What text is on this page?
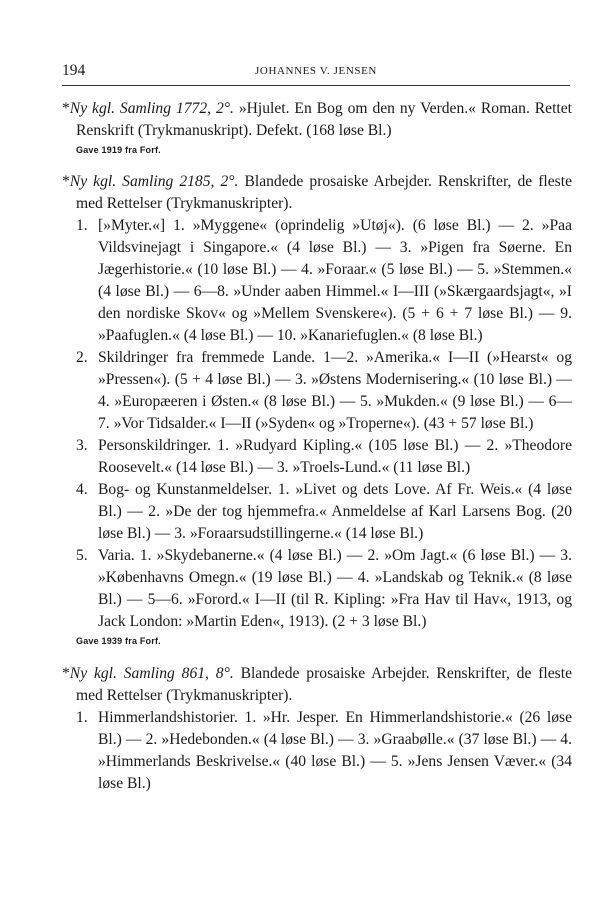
194	JOHANNES V. JENSEN
*Ny kgl. Samling 1772, 2°. »Hjulet. En Bog om den ny Verden.« Roman. Rettet Renskrift (Trykmanuskript). Defekt. (168 løse Bl.)
Gave 1919 fra Forf.
*Ny kgl. Samling 2185, 2°. Blandede prosaiske Arbejder. Renskrifter, de fleste med Rettelser (Trykmanuskripter).
1. [»Myter.«] 1. »Myggene« (oprindelig »Utøj«). (6 løse Bl.) — 2. »Paa Vildsvinejagt i Singapore.« (4 løse Bl.) — 3. »Pigen fra Søerne. En Jægerhistorie.« (10 løse Bl.) — 4. »Foraar.« (5 løse Bl.) — 5. »Stemmen.« (4 løse Bl.) — 6—8. »Under aaben Himmel.« I—III (»Skærgaardsjagt«, »I den nordiske Skov« og »Mellem Svenskere«). (5 + 6 + 7 løse Bl.) — 9. »Paafuglen.« (4 løse Bl.) — 10. »Kanariefuglen.« (8 løse Bl.)
2. Skildringer fra fremmede Lande. 1—2. »Amerika.« I—II (»Hearst« og »Pressen«). (5 + 4 løse Bl.) — 3. »Østens Modernisering.« (10 løse Bl.) — 4. »Europæeren i Østen.« (8 løse Bl.) — 5. »Mukden.« (9 løse Bl.) — 6—7. »Vor Tidsalder.« I—II (»Syden« og »Troperne«). (43 + 57 løse Bl.)
3. Personskildringer. 1. »Rudyard Kipling.« (105 løse Bl.) — 2. »Theodore Roosevelt.« (14 løse Bl.) — 3. »Troels-Lund.« (11 løse Bl.)
4. Bog- og Kunstanmeldelser. 1. »Livet og dets Love. Af Fr. Weis.« (4 løse Bl.) — 2. »De der tog hjemmefra.« Anmeldelse af Karl Larsens Bog. (20 løse Bl.) — 3. »Foraarsudstillingerne.« (14 løse Bl.)
5. Varia. 1. »Skydebanerne.« (4 løse Bl.) — 2. »Om Jagt.« (6 løse Bl.) — 3. »Københavns Omegn.« (19 løse Bl.) — 4. »Landskab og Teknik.« (8 løse Bl.) — 5—6. »Forord.« I—II (til R. Kipling: »Fra Hav til Hav«, 1913, og Jack London: »Martin Eden«, 1913). (2 + 3 løse Bl.)
Gave 1939 fra Forf.
*Ny kgl. Samling 861, 8°. Blandede prosaiske Arbejder. Renskrifter, de fleste med Rettelser (Trykmanuskripter).
1. Himmerlandshistorier. 1. »Hr. Jesper. En Himmerlandshistorie.« (26 løse Bl.) — 2. »Hedebonden.« (4 løse Bl.) — 3. »Graabølle.« (37 løse Bl.) — 4. »Himmerlands Beskrivelse.« (40 løse Bl.) — 5. »Jens Jensen Væver.« (34 løse Bl.)
